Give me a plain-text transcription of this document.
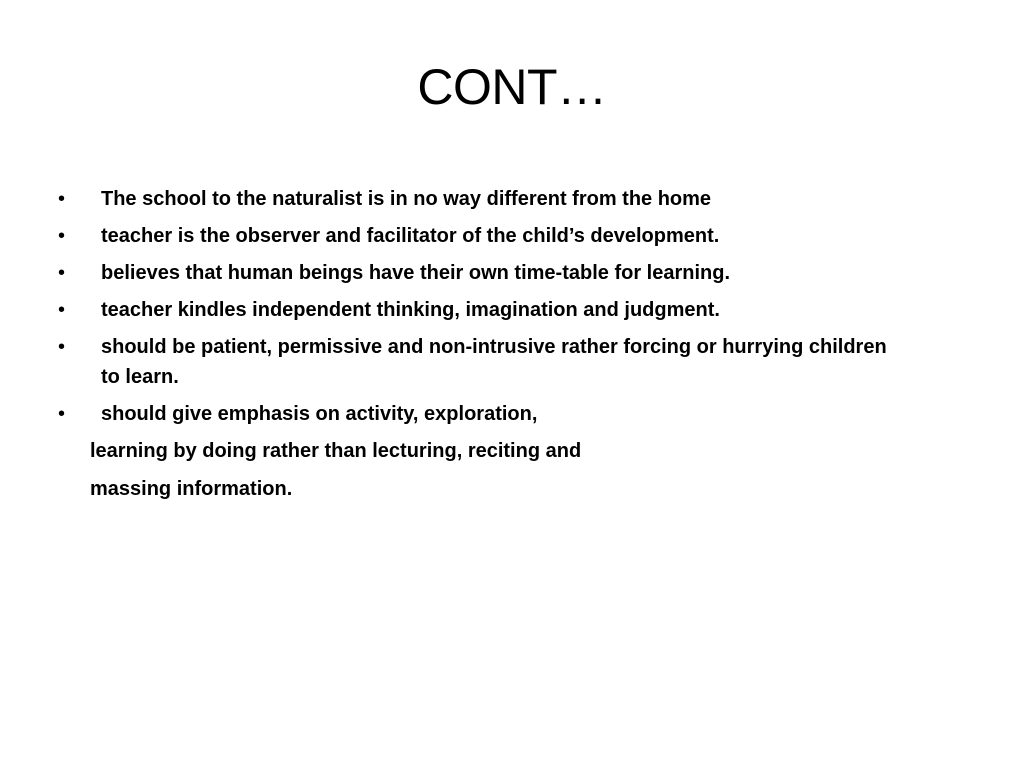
CONT…
• The school to the naturalist is in no way different from the home
• teacher is the observer and facilitator of the child’s development.
• believes that human beings have their own time-table for learning.
• teacher kindles independent thinking, imagination and judgment.
• should be patient, permissive and non-intrusive rather forcing or hurrying children to learn.
• should give emphasis on activity, exploration,
learning by doing rather than lecturing, reciting and
massing information.
